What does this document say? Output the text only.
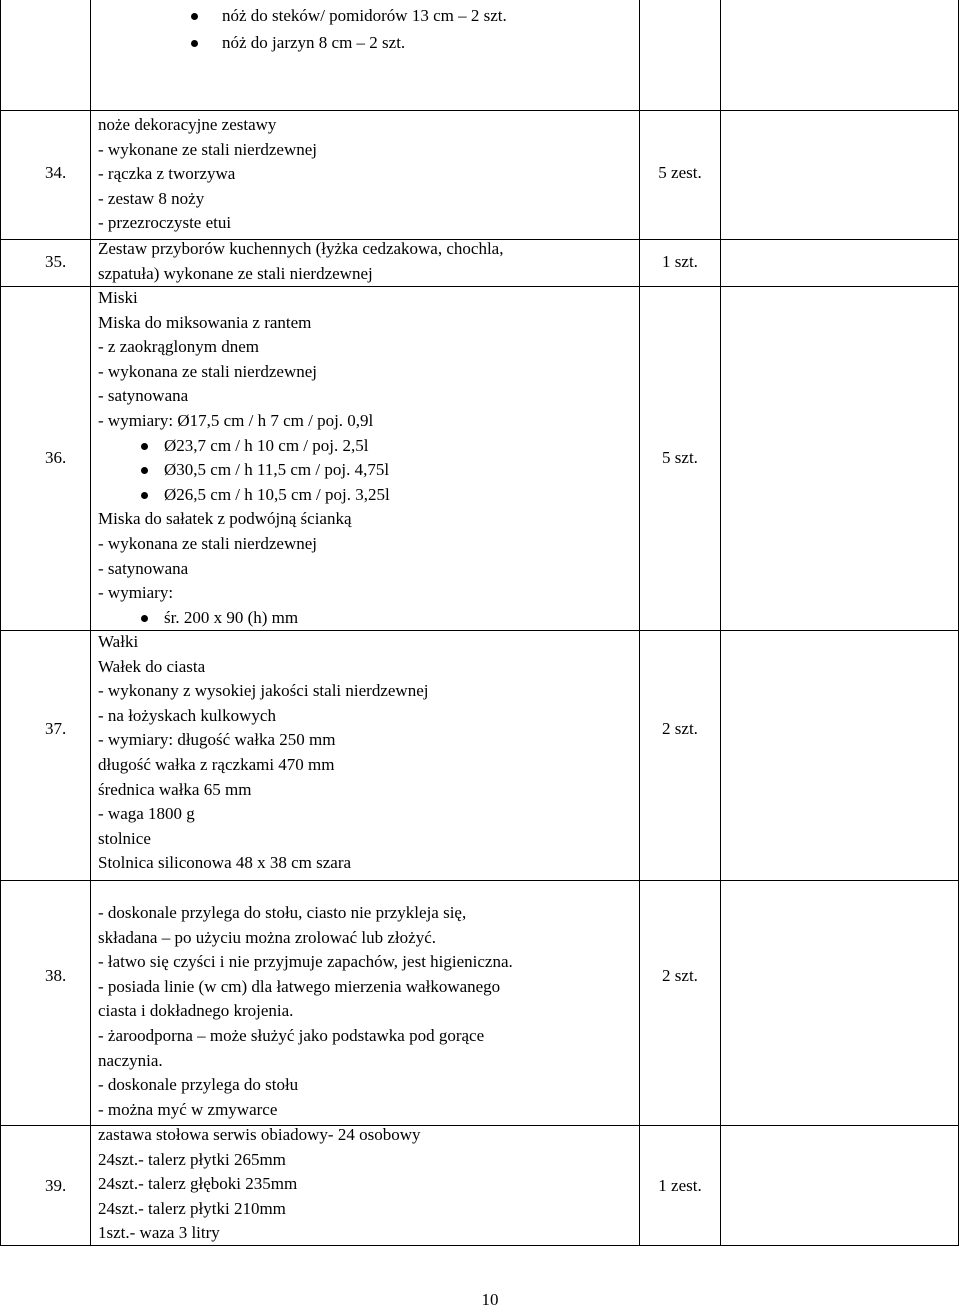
nóż do steków/ pomidorów 13 cm – 2 szt.
nóż do jarzyn 8 cm – 2 szt.
34.
35.
36.
37.
38.
39.
5 zest.
1 szt.
5 szt.
2 szt.
2 szt.
1 zest.
noże dekoracyjne zestawy
- wykonane ze stali nierdzewnej
- rączka z tworzywa
- zestaw 8 noży
- przezroczyste etui
Zestaw przyborów kuchennych (łyżka cedzakowa, chochla,
szpatuła) wykonane ze stali nierdzewnej
Miski
Miska do miksowania z rantem
- z zaokrąglonym dnem
- wykonana ze stali nierdzewnej
- satynowana
- wymiary: Ø17,5 cm / h 7 cm / poj. 0,9l
Ø23,7 cm / h 10 cm / poj. 2,5l
Ø30,5 cm / h 11,5 cm / poj. 4,75l
Ø26,5 cm / h 10,5 cm / poj. 3,25l
Miska do sałatek z podwójną ścianką
- wykonana ze stali nierdzewnej
- satynowana
- wymiary:
śr. 200 x 90 (h) mm
Wałki
Wałek do ciasta
- wykonany z wysokiej jakości stali nierdzewnej
- na łożyskach kulkowych
- wymiary: długość wałka 250 mm
długość wałka z rączkami 470 mm
średnica wałka 65 mm
- waga 1800 g
stolnice
Stolnica siliconowa 48 x 38 cm szara
- doskonale przylega do stołu, ciasto nie przykleja się,
składana – po użyciu można zrolować lub złożyć.
- łatwo się czyści i nie przyjmuje zapachów, jest higieniczna.
- posiada linie (w cm) dla łatwego mierzenia wałkowanego
ciasta i dokładnego krojenia.
- żaroodporna – może służyć jako podstawka pod gorące
naczynia.
- doskonale przylega do stołu
- można myć w zmywarce
zastawa stołowa serwis obiadowy- 24 osobowy
24szt.- talerz płytki 265mm
24szt.- talerz głęboki 235mm
24szt.- talerz płytki 210mm
1szt.- waza 3 litry
10
